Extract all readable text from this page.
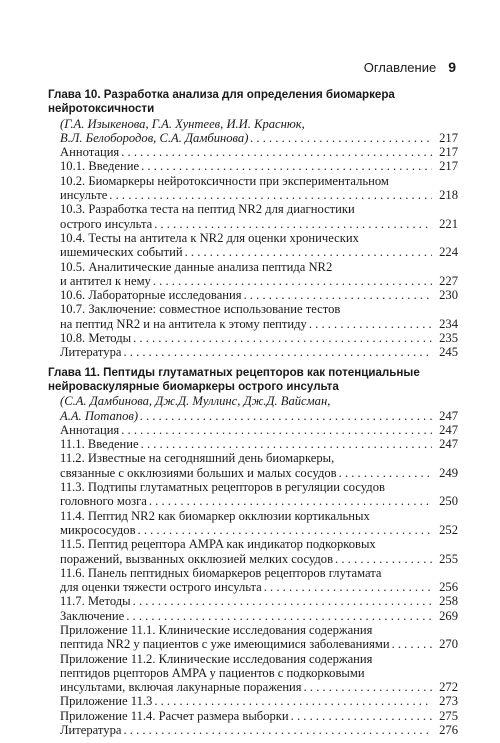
Оглавление 9
Глава 10. Разработка анализа для определения биомаркера нейротоксичности
(Г.А. Изыкенова, Г.А. Хунтеев, И.И. Краснюк,
В.Л. Белобородов, С.А. Дамбинова) . . .	217
Аннотация . . .	217
10.1. Введение . . .	217
10.2. Биомаркеры нейротоксичности при экспериментальном
инсульте . . .	218
10.3. Разработка теста на пептид NR2 для диагностики
острого инсульта . . .	221
10.4. Тесты на антитела к NR2 для оценки хронических
ишемических событий . . .	224
10.5. Аналитические данные анализа пептида NR2
и антител к нему . . .	227
10.6. Лабораторные исследования . . .	230
10.7. Заключение: совместное использование тестов
на пептид NR2 и на антитела к этому пептиду . . .	234
10.8. Методы . . .	235
Литература . . .	245
Глава 11. Пептиды глутаматных рецепторов как потенциальные нейроваскулярные биомаркеры острого инсульта
(С.А. Дамбинова, Дж.Д. Муллинс, Дж.Д. Вайсман,
А.А. Потапов) . . .	247
Аннотация . . .	247
11.1. Введение . . .	247
11.2. Известные на сегодняшний день биомаркеры,
связанные с окклюзиями больших и малых сосудов . . .	249
11.3. Подтипы глутаматных рецепторов в регуляции сосудов
головного мозга . . .	250
11.4. Пептид NR2 как биомаркер окклюзии кортикальных
микрососудов . . .	252
11.5. Пептид рецептора AMPA как индикатор подкорковых
поражений, вызванных окклюзией мелких сосудов . . .	255
11.6. Панель пептидных биомаркеров рецепторов глутамата
для оценки тяжести острого инсульта . . .	256
11.7. Методы . . .	258
Заключение . . .	269
Приложение 11.1. Клинические исследования содержания
пептида NR2 у пациентов с уже имеющимися заболеваниями . . .	270
Приложение 11.2. Клинические исследования содержания
пептидов рцепторов AMPA у пациентов с подкорковыми
инсультами, включая лакунарные поражения . . .	272
Приложение 11.3 . . .	273
Приложение 11.4. Расчет размера выборки . . .	275
Литература . . .	276
